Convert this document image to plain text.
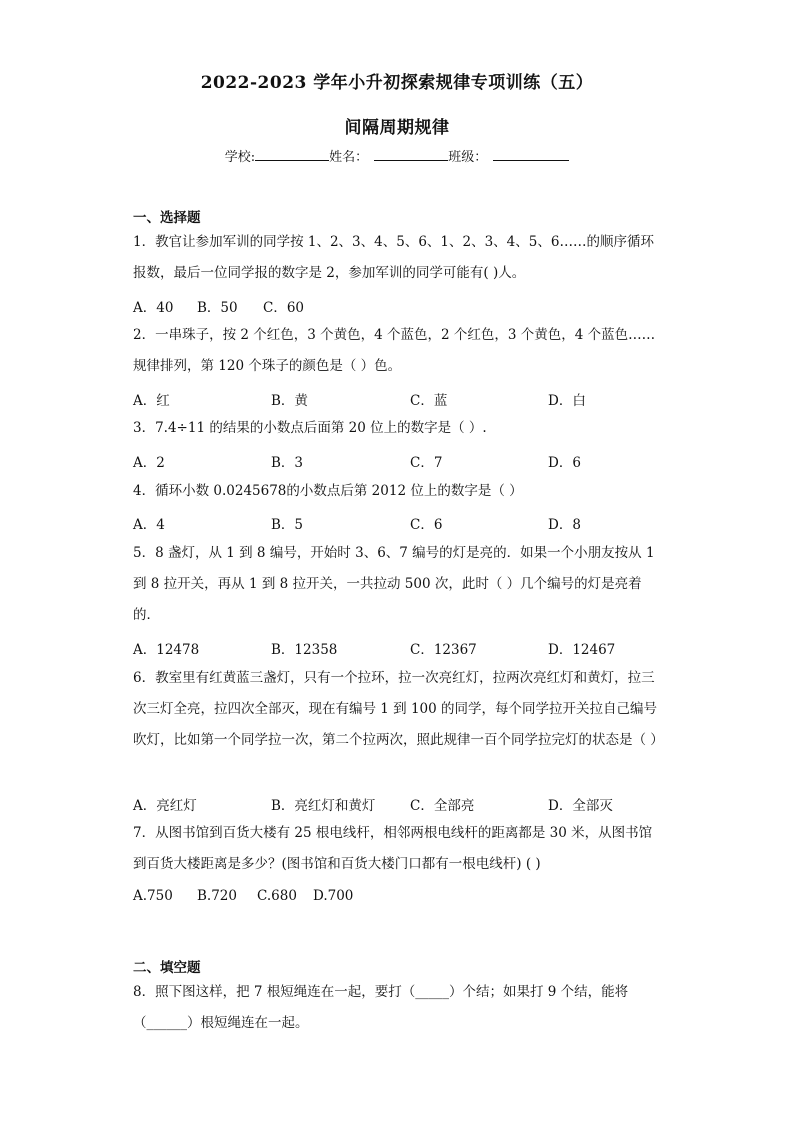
2022-2023 学年小升初探索规律专项训练（五）
间隔周期规律
学校:	姓名：	班级：
一、选择题
1．教官让参加军训的同学按 1、2、3、4、5、6、1、2、3、4、5、6……的顺序循环报数，最后一位同学报的数字是 2，参加军训的同学可能有( )人。
A．40 B．50 C．60
2．一串珠子，按 2 个红色，3 个黄色，4 个蓝色，2 个红色，3 个黄色，4 个蓝色……规律排列，第 120 个珠子的颜色是（ ）色。
A．红	B．黄	C．蓝	D．白
3．7.4÷11 的结果的小数点后面第 20 位上的数字是（ ）.
A．2	B．3	C．7	D．6
4．循环小数 0.0245678的小数点后第 2012 位上的数字是（ ）
A．4	B．5	C．6	D．8
5．8 盏灯，从 1 到 8 编号，开始时 3、6、7 编号的灯是亮的．如果一个小朋友按从 1 到 8 拉开关，再从 1 到 8 拉开关，一共拉动 500 次，此时（ ）几个编号的灯是亮着的．
A．12478	B．12358	C．12367	D．12467
6．教室里有红黄蓝三盏灯，只有一个拉环，拉一次亮红灯，拉两次亮红灯和黄灯，拉三次三灯全亮，拉四次全部灭，现在有编号 1 到 100 的同学，每个同学拉开关拉自己编号吹灯，比如第一个同学拉一次，第二个拉两次，照此规律一百个同学拉完灯的状态是（ ）
A．亮红灯	B．亮红灯和黄灯	C．全部亮	D．全部灭
7．从图书馆到百货大楼有 25 根电线杆，相邻两根电线杆的距离都是 30 米，从图书馆到百货大楼距离是多少？(图书馆和百货大楼门口都有一根电线杆) ( )
A.750 B.720 C.680 D.700
二、填空题
8．照下图这样，把 7 根短绳连在一起，要打（_____）个结；如果打 9 个结，能将（______）根短绳连在一起。
